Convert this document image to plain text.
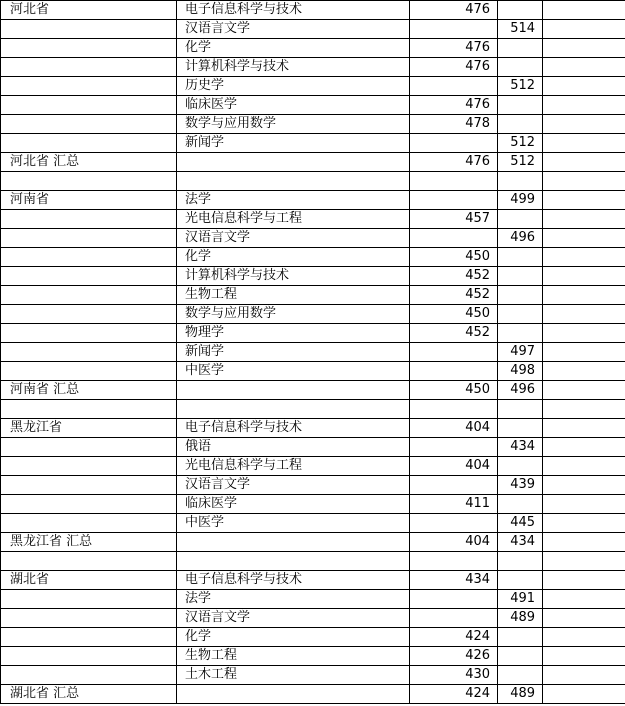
河北省	电子信息科学与技术	476		
	汉语言文学		514	
	化学	476		
	计算机科学与技术	476		
	历史学		512	
	临床医学	476		
	数学与应用数学	478		
	新闻学		512	
河北省 汇总		476	512	

河南省	法学		499	
	光电信息科学与工程	457		
	汉语言文学		496	
	化学	450		
	计算机科学与技术	452		
	生物工程	452		
	数学与应用数学	450		
	物理学	452		
	新闻学		497	
	中医学		498	
河南省 汇总		450	496	

黑龙江省	电子信息科学与技术	404		
	俄语		434	
	光电信息科学与工程	404		
	汉语言文学		439	
	临床医学	411		
	中医学		445	
黑龙江省 汇总		404	434	

湖北省	电子信息科学与技术	434		
	法学		491	
	汉语言文学		489	
	化学	424		
	生物工程	426		
	土木工程	430		
湖北省 汇总		424	489	
